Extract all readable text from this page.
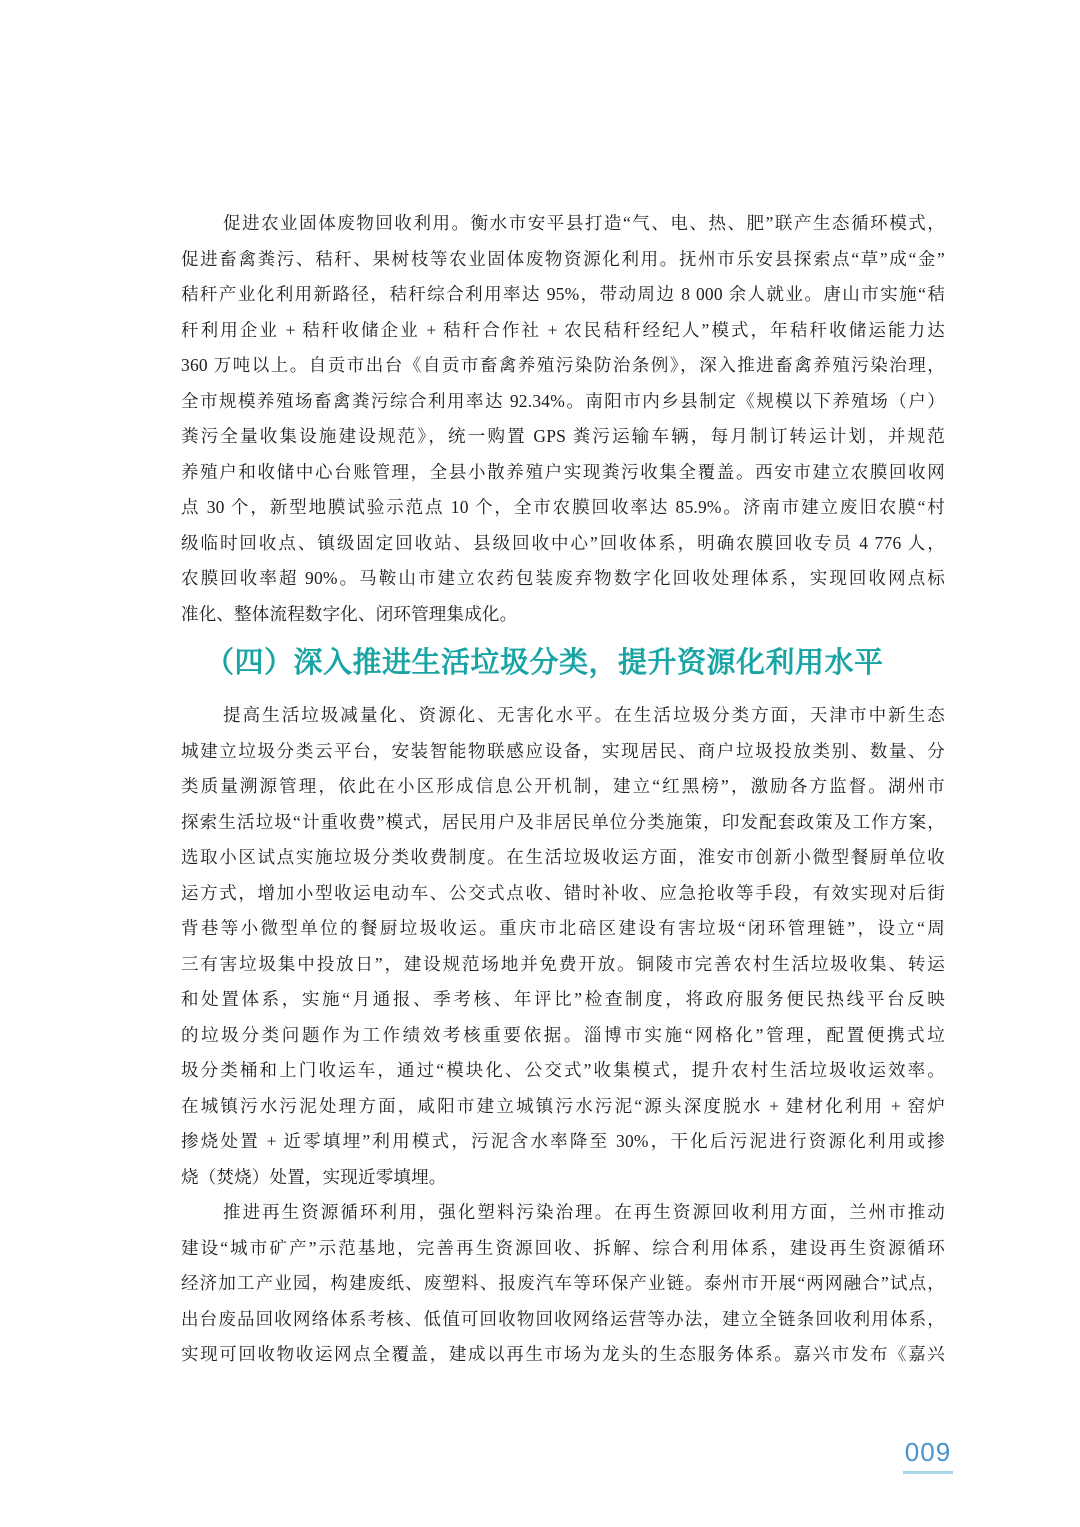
促进农业固体废物回收利用。衡水市安平县打造“气、电、热、肥”联产生态循环模式，
促进畜禽粪污、秸秆、果树枝等农业固体废物资源化利用。抚州市乐安县探索点“草”成“金”
秸秆产业化利用新路径，秸秆综合利用率达 95%，带动周边 8 000 余人就业。唐山市实施“秸
秆利用企业 + 秸秆收储企业 + 秸秆合作社 + 农民秸秆经纪人”模式，年秸秆收储运能力达
360 万吨以上。自贡市出台《自贡市畜禽养殖污染防治条例》，深入推进畜禽养殖污染治理，
全市规模养殖场畜禽粪污综合利用率达 92.34%。南阳市内乡县制定《规模以下养殖场（户）
粪污全量收集设施建设规范》，统一购置 GPS 粪污运输车辆，每月制订转运计划，并规范
养殖户和收储中心台账管理，全县小散养殖户实现粪污收集全覆盖。西安市建立农膜回收网
点 30 个，新型地膜试验示范点 10 个，全市农膜回收率达 85.9%。济南市建立废旧农膜“村
级临时回收点、镇级固定回收站、县级回收中心”回收体系，明确农膜回收专员 4 776 人，
农膜回收率超 90%。马鞍山市建立农药包装废弃物数字化回收处理体系，实现回收网点标
准化、整体流程数字化、闭环管理集成化。
（四）深入推进生活垃圾分类，提升资源化利用水平
提高生活垃圾减量化、资源化、无害化水平。在生活垃圾分类方面，天津市中新生态
城建立垃圾分类云平台，安装智能物联感应设备，实现居民、商户垃圾投放类别、数量、分
类质量溯源管理，依此在小区形成信息公开机制，建立“红黑榜”，激励各方监督。湖州市
探索生活垃圾“计重收费”模式，居民用户及非居民单位分类施策，印发配套政策及工作方案，
选取小区试点实施垃圾分类收费制度。在生活垃圾收运方面，淮安市创新小微型餐厨单位收
运方式，增加小型收运电动车、公交式点收、错时补收、应急抢收等手段，有效实现对后街
背巷等小微型单位的餐厨垃圾收运。重庆市北碚区建设有害垃圾“闭环管理链”，设立“周
三有害垃圾集中投放日”，建设规范场地并免费开放。铜陵市完善农村生活垃圾收集、转运
和处置体系，实施“月通报、季考核、年评比”检查制度，将政府服务便民热线平台反映
的垃圾分类问题作为工作绩效考核重要依据。淄博市实施“网格化”管理，配置便携式垃
圾分类桶和上门收运车，通过“模块化、公交式”收集模式，提升农村生活垃圾收运效率。
在城镇污水污泥处理方面，咸阳市建立城镇污水污泥“源头深度脱水 + 建材化利用 + 窑炉
掺烧处置 + 近零填埋”利用模式，污泥含水率降至 30%，干化后污泥进行资源化利用或掺
烧（焚烧）处置，实现近零填埋。
推进再生资源循环利用，强化塑料污染治理。在再生资源回收利用方面，兰州市推动
建设“城市矿产”示范基地，完善再生资源回收、拆解、综合利用体系，建设再生资源循环
经济加工产业园，构建废纸、废塑料、报废汽车等环保产业链。泰州市开展“两网融合”试点，
出台废品回收网络体系考核、低值可回收物回收网络运营等办法，建立全链条回收利用体系，
实现可回收物收运网点全覆盖，建成以再生市场为龙头的生态服务体系。嘉兴市发布《嘉兴
009
